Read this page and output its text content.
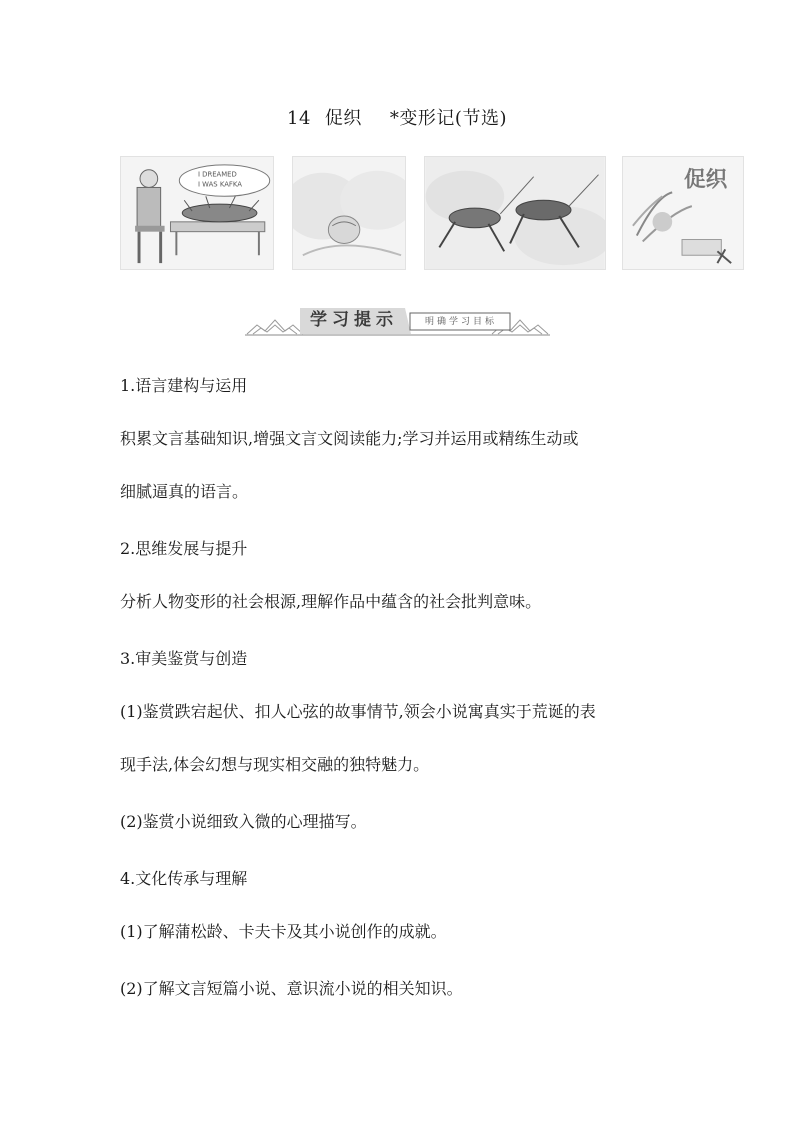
14 促织 *变形记(节选)
I DREAMED
I WAS KAFKA	促织
学习提示	明确学习目标
1.语言建构与运用
积累文言基础知识,增强文言文阅读能力;学习并运用或精练生动或
细腻逼真的语言。
2.思维发展与提升
分析人物变形的社会根源,理解作品中蕴含的社会批判意味。
3.审美鉴赏与创造
(1)鉴赏跌宕起伏、扣人心弦的故事情节,领会小说寓真实于荒诞的表
现手法,体会幻想与现实相交融的独特魅力。
(2)鉴赏小说细致入微的心理描写。
4.文化传承与理解
(1)了解蒲松龄、卡夫卡及其小说创作的成就。
(2)了解文言短篇小说、意识流小说的相关知识。
